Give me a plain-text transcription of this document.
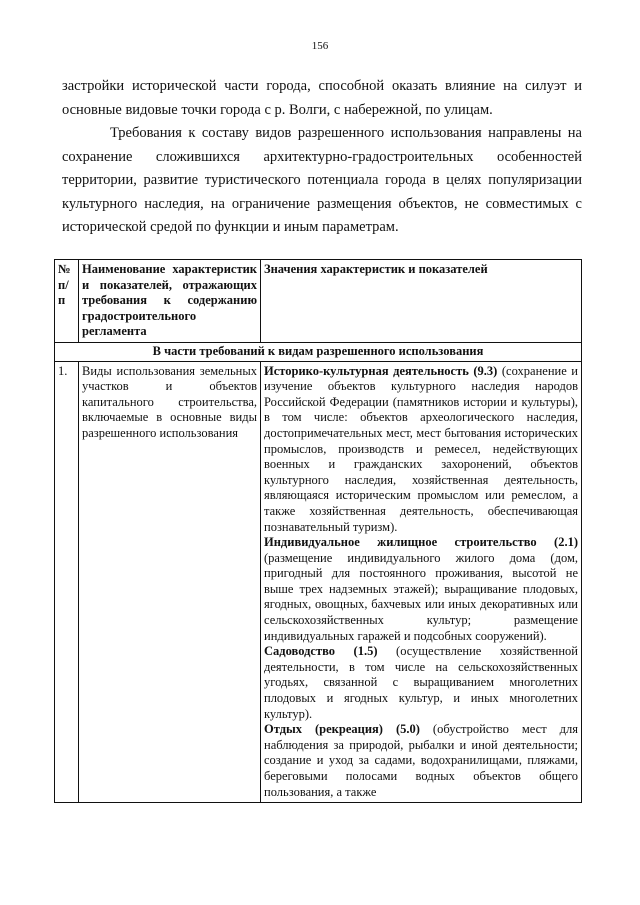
156

застройки исторической части города, способной оказать влияние на силуэт и основные видовые точки города с р. Волги, с набережной, по улицам.

Требования к составу видов разрешенного использования направлены на сохранение сложившихся архитектурно-градостроительных особенностей территории, развитие туристического потенциала города в целях популяризации культурного наследия, на ограничение размещения объектов, не совместимых с исторической средой по функции и иным параметрам.

№ п/п	Наименование характеристик и показателей, отражающих требования к содержанию градостроительного регламента	Значения характеристик и показателей
В части требований к видам разрешенного использования		
1.	Виды использования земельных участков и объектов капитального строительства, включаемые в основные виды разрешенного использования	Историко-культурная деятельность (9.3) (сохранение и изучение объектов культурного наследия народов Российской Федерации (памятников истории и культуры), в том числе: объектов археологического наследия, достопримечательных мест, мест бытования исторических промыслов, производств и ремесел, недействующих военных и гражданских захоронений, объектов культурного наследия, хозяйственная деятельность, являющаяся историческим промыслом или ремеслом, а также хозяйственная деятельность, обеспечивающая познавательный туризм).

Индивидуальное жилищное строительство (2.1) (размещение индивидуального жилого дома (дом, пригодный для постоянного проживания, высотой не выше трех надземных этажей); выращивание плодовых, ягодных, овощных, бахчевых или иных декоративных или сельскохозяйственных культур; размещение индивидуальных гаражей и подсобных сооружений).

Садоводство (1.5) (осуществление хозяйственной деятельности, в том числе на сельскохозяйственных угодьях, связанной с выращиванием многолетних плодовых и ягодных культур, и иных многолетних культур).

Отдых (рекреация) (5.0) (обустройство мест для наблюдения за природой, рыбалки и иной деятельности; создание и уход за садами, водохранилищами, пляжами, береговыми полосами водных объектов общего пользования, а также
